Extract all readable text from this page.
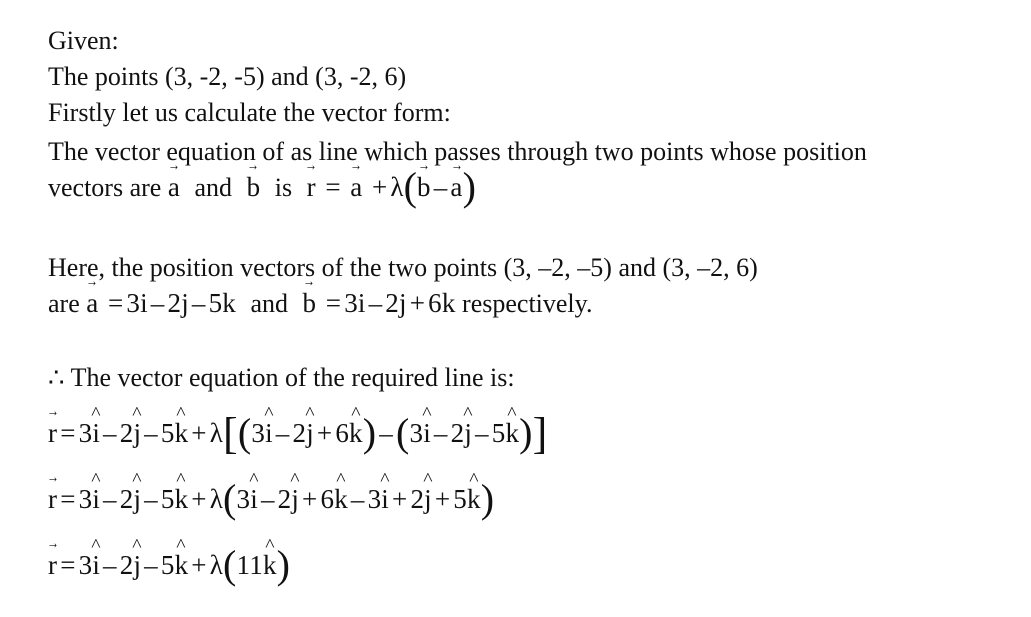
Given:
The points (3, -2, -5) and (3, -2, 6)
Firstly let us calculate the vector form:
The vector equation of as line which passes through two points whose position
vectors are → a and → b is → r = → a + λ(→ b – → a)
Here, the position vectors of the two points (3, –2, –5) and (3, –2, 6)
are → a = 3i – 2j – 5k and → b = 3i – 2j + 6k respectively.
∴ The vector equation of the required line is:
→ r = 3^ i – 2^ j – 5^ k + λ[(3^ i – 2^ j + 6^ k) –(3^ i – 2^ j – 5^ k)]
→ r = 3^ i – 2^ j – 5^ k + λ(3^ i – 2^ j + 6^ k – 3^ i + 2^ j + 5^ k)
→ r = 3^ i – 2^ j – 5^ k + λ(11^ k)
